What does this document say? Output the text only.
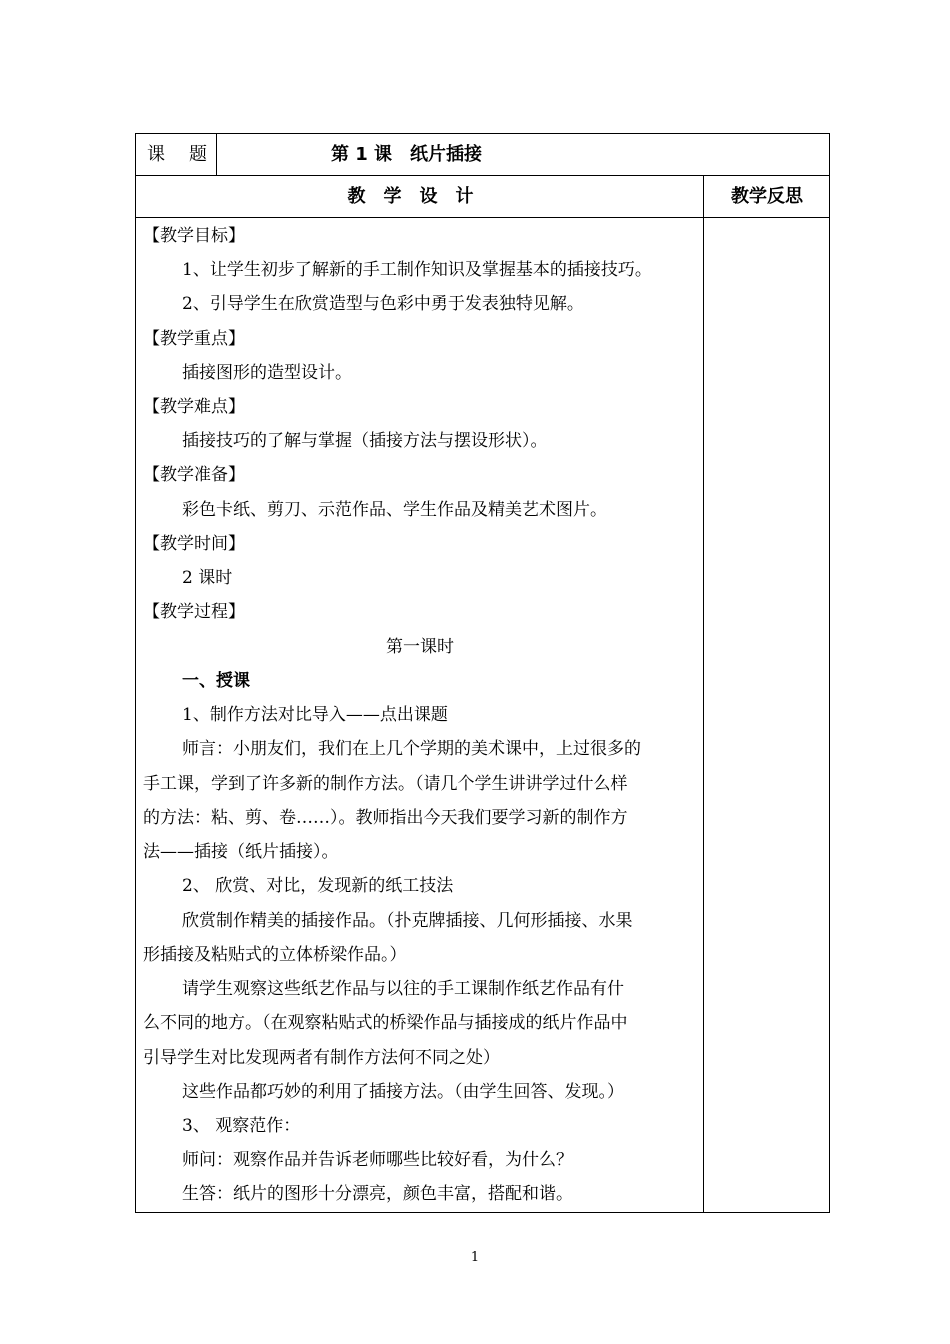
课 题	第 1 课　纸片插接
教学设计	教学反思
【教学目标】
1、让学生初步了解新的手工制作知识及掌握基本的插接技巧。
2、引导学生在欣赏造型与色彩中勇于发表独特见解。
【教学重点】
插接图形的造型设计。
【教学难点】
插接技巧的了解与掌握（插接方法与摆设形状）。
【教学准备】
彩色卡纸、剪刀、示范作品、学生作品及精美艺术图片。
【教学时间】
2 课时
【教学过程】
第一课时
一、授课
1、制作方法对比导入——点出课题
师言：小朋友们，我们在上几个学期的美术课中，上过很多的
手工课，学到了许多新的制作方法。（请几个学生讲讲学过什么样
的方法：粘、剪、卷……）。教师指出今天我们要学习新的制作方
法——插接（纸片插接）。
2、 欣赏、对比，发现新的纸工技法
欣赏制作精美的插接作品。（扑克牌插接、几何形插接、水果
形插接及粘贴式的立体桥梁作品。）
请学生观察这些纸艺作品与以往的手工课制作纸艺作品有什
么不同的地方。（在观察粘贴式的桥梁作品与插接成的纸片作品中
引导学生对比发现两者有制作方法何不同之处）
这些作品都巧妙的利用了插接方法。（由学生回答、发现。）
3、 观察范作：
师问：观察作品并告诉老师哪些比较好看，为什么？
生答：纸片的图形十分漂亮，颜色丰富，搭配和谐。
1
